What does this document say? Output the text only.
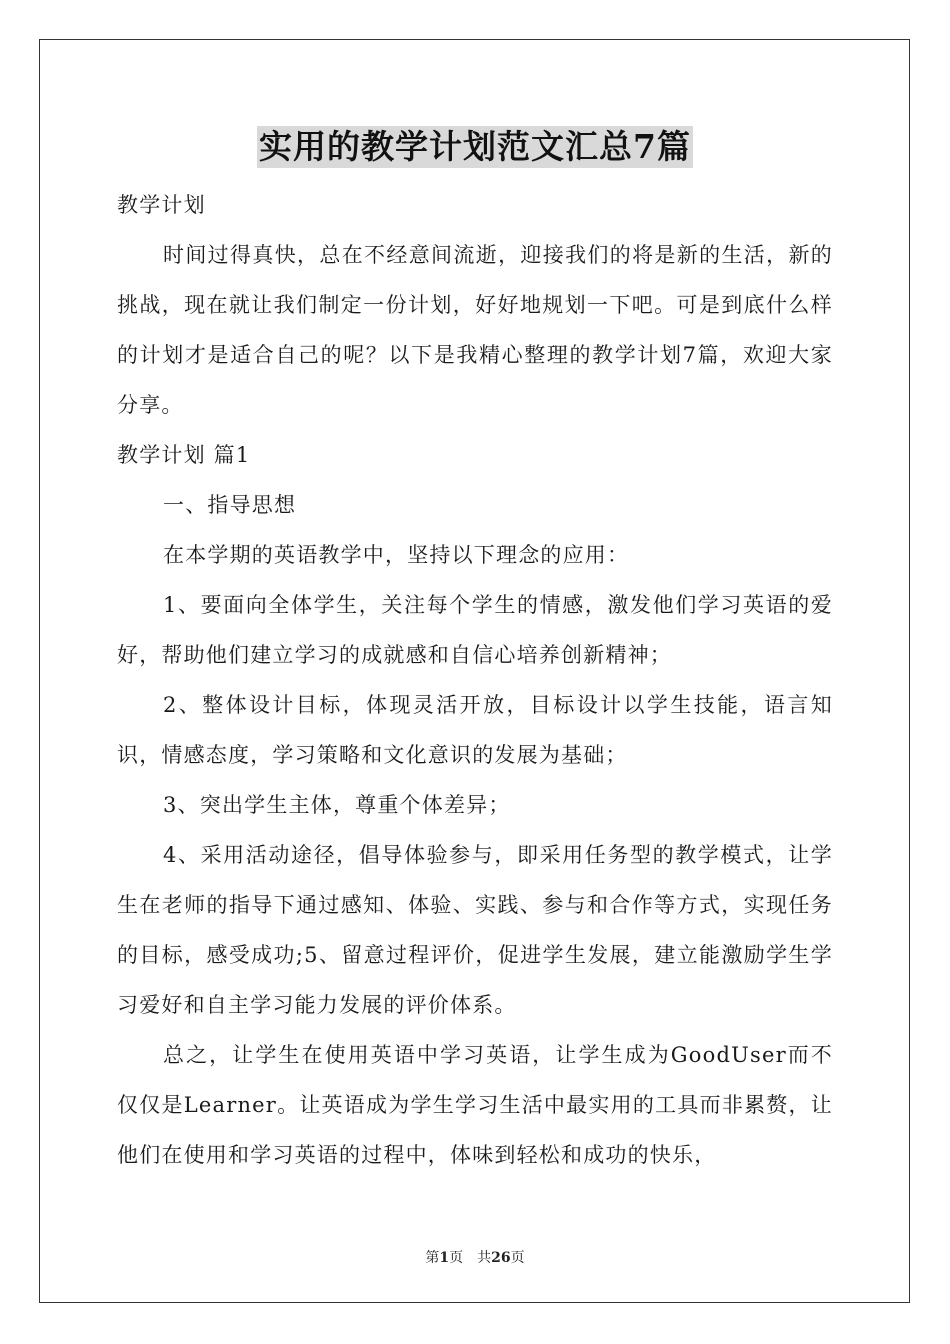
实用的教学计划范文汇总7篇

教学计划

时间过得真快，总在不经意间流逝，迎接我们的将是新的生活，新的挑战，现在就让我们制定一份计划，好好地规划一下吧。可是到底什么样的计划才是适合自己的呢？以下是我精心整理的教学计划7篇，欢迎大家分享。

教学计划 篇1

一、指导思想

在本学期的英语教学中，坚持以下理念的应用：

1、要面向全体学生，关注每个学生的情感，激发他们学习英语的爱好，帮助他们建立学习的成就感和自信心培养创新精神；

2、整体设计目标，体现灵活开放，目标设计以学生技能，语言知识，情感态度，学习策略和文化意识的发展为基础；

3、突出学生主体，尊重个体差异；

4、采用活动途径，倡导体验参与，即采用任务型的教学模式，让学生在老师的指导下通过感知、体验、实践、参与和合作等方式，实现任务的目标，感受成功;5、留意过程评价，促进学生发展，建立能激励学生学习爱好和自主学习能力发展的评价体系。

总之，让学生在使用英语中学习英语，让学生成为GoodUser而不仅仅是Learner。让英语成为学生学习生活中最实用的工具而非累赘，让他们在使用和学习英语的过程中，体味到轻松和成功的快乐，

第1页 共26页
